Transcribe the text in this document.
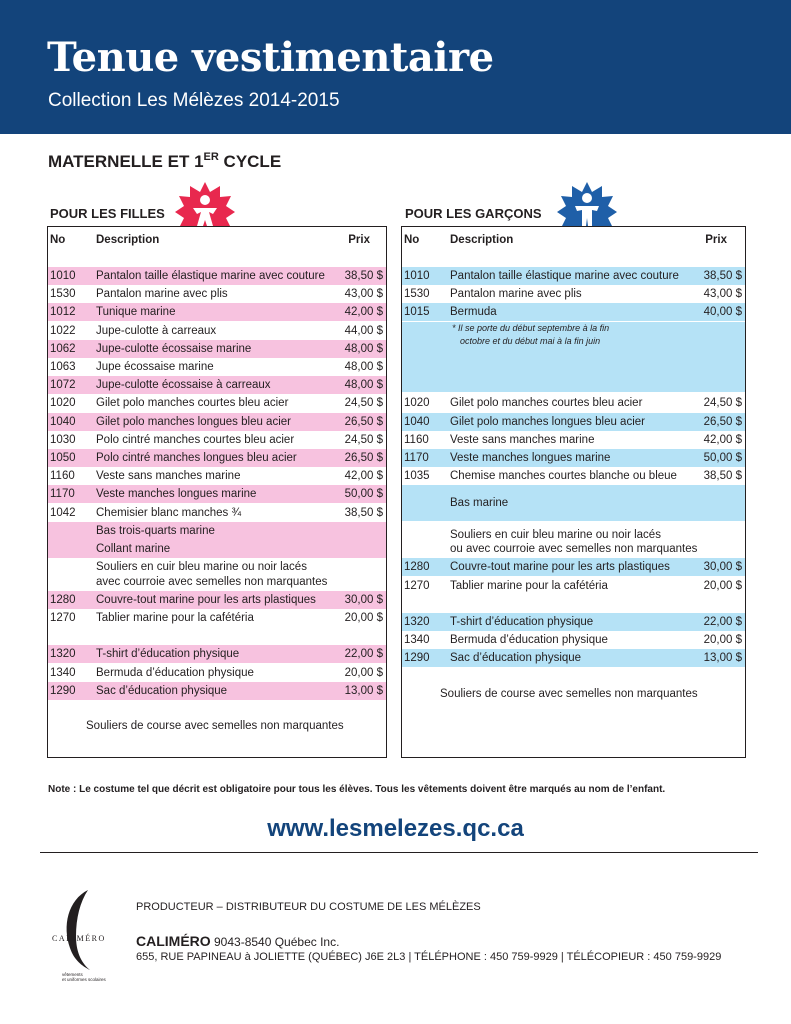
Tenue vestimentaire
Collection Les Mélèzes 2014-2015
MATERNELLE ET 1ER CYCLE
POUR LES FILLES	POUR LES GARÇONS
No	Description	Prix
1010 Pantalon taille élastique marine avec couture 38,50 $
1530 Pantalon marine avec plis	43,00 $
1012 Tunique marine	42,00 $
1022 Jupe-culotte à carreaux	44,00 $
1062 Jupe-culotte écossaise marine	48,00 $
1063 Jupe écossaise marine	48,00 $
1072 Jupe-culotte écossaise à carreaux	48,00 $
1020 Gilet polo manches courtes bleu acier	24,50 $
1040 Gilet polo manches longues bleu acier	26,50 $
1030 Polo cintré manches courtes bleu acier	24,50 $
1050 Polo cintré manches longues bleu acier	26,50 $
1160 Veste sans manches marine	42,00 $
1170 Veste manches longues marine	50,00 $
1042 Chemisier blanc manches ¾	38,50 $
Bas trois-quarts marine
Collant marine
Souliers en cuir bleu marine ou noir lacés
avec courroie avec semelles non marquantes
1280 Couvre-tout marine pour les arts plastiques 30,00 $
1270 Tablier marine pour la cafétéria	20,00 $
1320 T-shirt d’éducation physique	22,00 $
1340 Bermuda d’éducation physique	20,00 $
1290 Sac d’éducation physique	13,00 $
Souliers de course avec semelles non marquantes
No	Description	Prix
1010 Pantalon taille élastique marine avec couture 38,50 $
1530 Pantalon marine avec plis	43,00 $
1015 Bermuda	40,00 $
* Il se porte du début septembre à la fin
octobre et du début mai à la fin juin
1020 Gilet polo manches courtes bleu acier	24,50 $
1040 Gilet polo manches longues bleu acier	26,50 $
1160 Veste sans manches marine	42,00 $
1170 Veste manches longues marine	50,00 $
1035 Chemise manches courtes blanche ou bleue 38,50 $
Bas marine
Souliers en cuir bleu marine ou noir lacés
ou avec courroie avec semelles non marquantes
1280 Couvre-tout marine pour les arts plastiques	30,00 $
1270 Tablier marine pour la cafétéria	20,00 $
1320 T-shirt d’éducation physique	22,00 $
1340 Bermuda d’éducation physique	20,00 $
1290 Sac d’éducation physique	13,00 $
Souliers de course avec semelles non marquantes
Note : Le costume tel que décrit est obligatoire pour tous les élèves. Tous les vêtements doivent être marqués au nom de l’enfant.
www.lesmelezes.qc.ca
CALIMÉRO
vêtements
et uniformes scolaires
PRODUCTEUR – DISTRIBUTEUR DU COSTUME DE LES MÉLÈZES
CALIMÉRO 9043-8540 Québec Inc.
655, RUE PAPINEAU à JOLIETTE (QUÉBEC) J6E 2L3 | TÉLÉPHONE : 450 759-9929 | TÉLÉCOPIEUR : 450 759-9929
